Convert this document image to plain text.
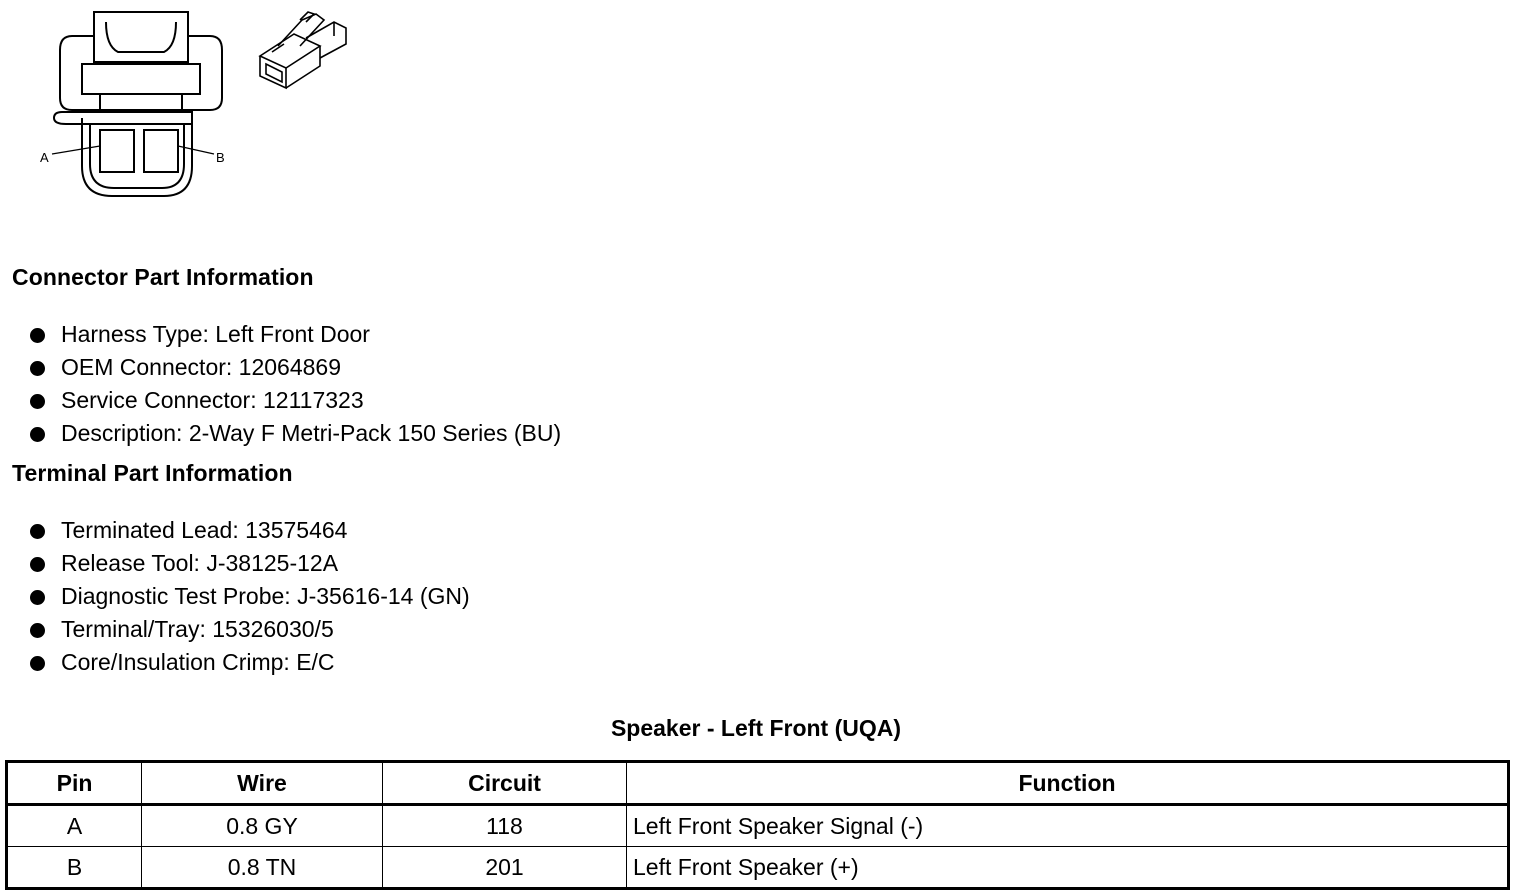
A	B
Connector Part Information
Harness Type: Left Front Door
OEM Connector: 12064869
Service Connector: 12117323
Description: 2-Way F Metri-Pack 150 Series (BU)
Terminal Part Information
Terminated Lead: 13575464
Release Tool: J-38125-12A
Diagnostic Test Probe: J-35616-14 (GN)
Terminal/Tray: 15326030/5
Core/Insulation Crimp: E/C
Speaker - Left Front (UQA)
Pin	Wire	Circuit	Function
A	0.8 GY	118	Left Front Speaker Signal (-)
B	0.8 TN	201	Left Front Speaker (+)
